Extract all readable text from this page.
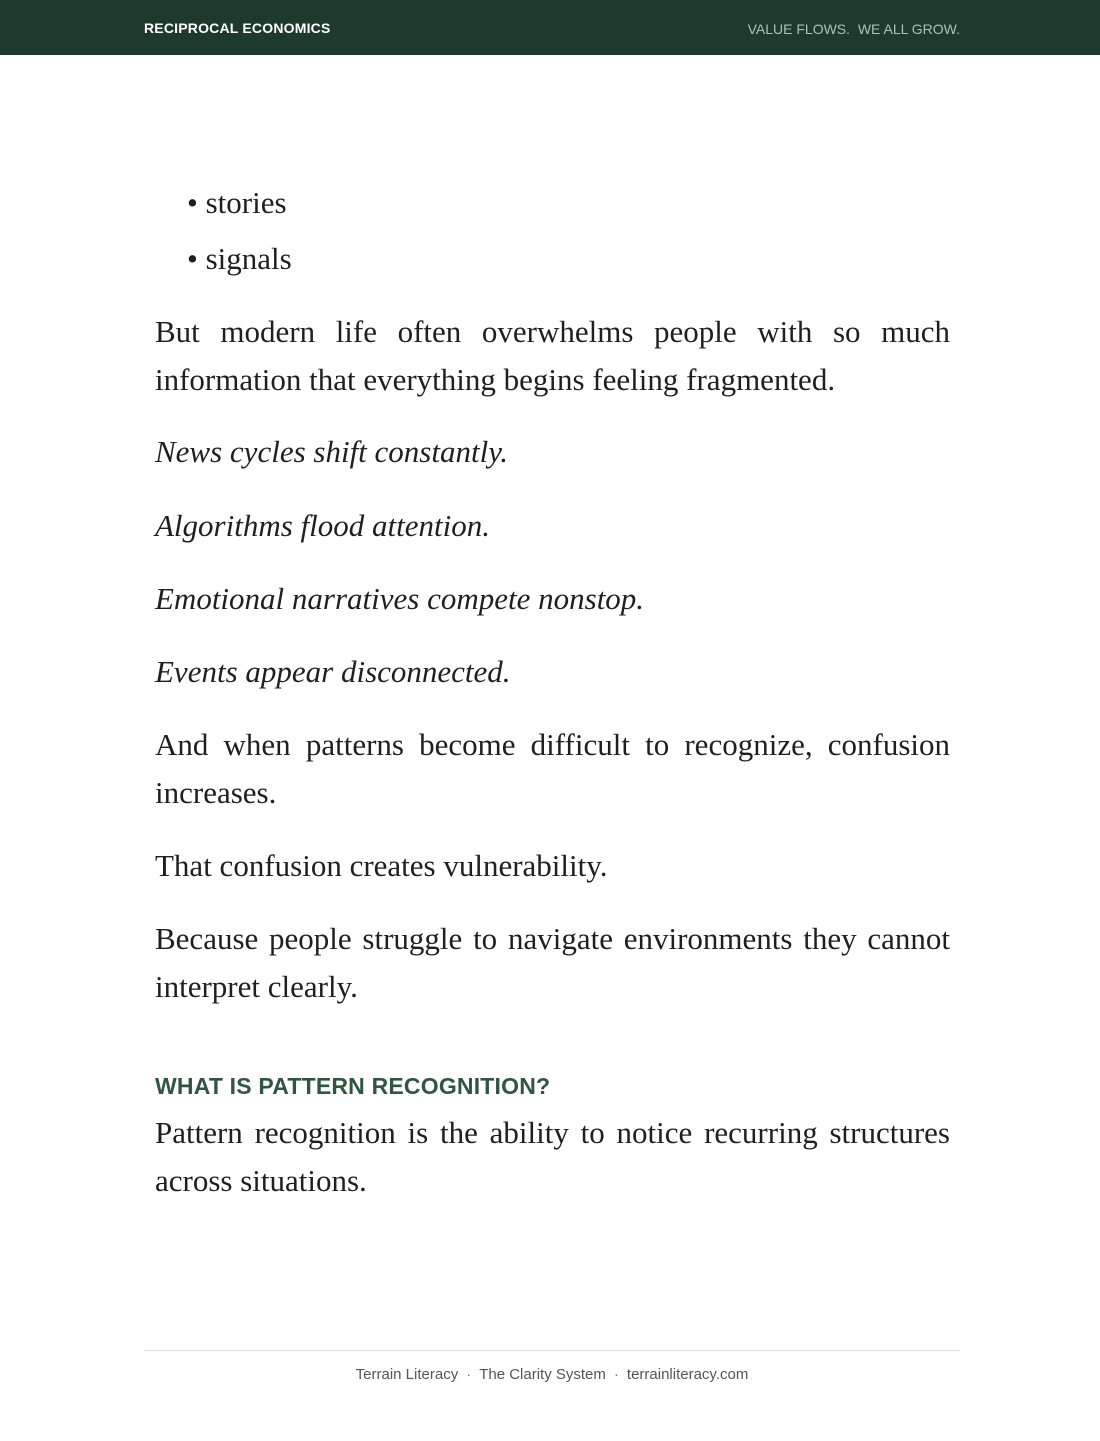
RECIPROCAL ECONOMICS	VALUE FLOWS.  WE ALL GROW.
• stories
• signals

But modern life often overwhelms people with so much information that everything begins feeling fragmented.

News cycles shift constantly.

Algorithms flood attention.

Emotional narratives compete nonstop.

Events appear disconnected.

And when patterns become difficult to recognize, confusion increases.

That confusion creates vulnerability.

Because people struggle to navigate environments they cannot interpret clearly.

WHAT IS PATTERN RECOGNITION?

Pattern recognition is the ability to notice recurring structures across situations.

Terrain Literacy · The Clarity System · terrainliteracy.com
